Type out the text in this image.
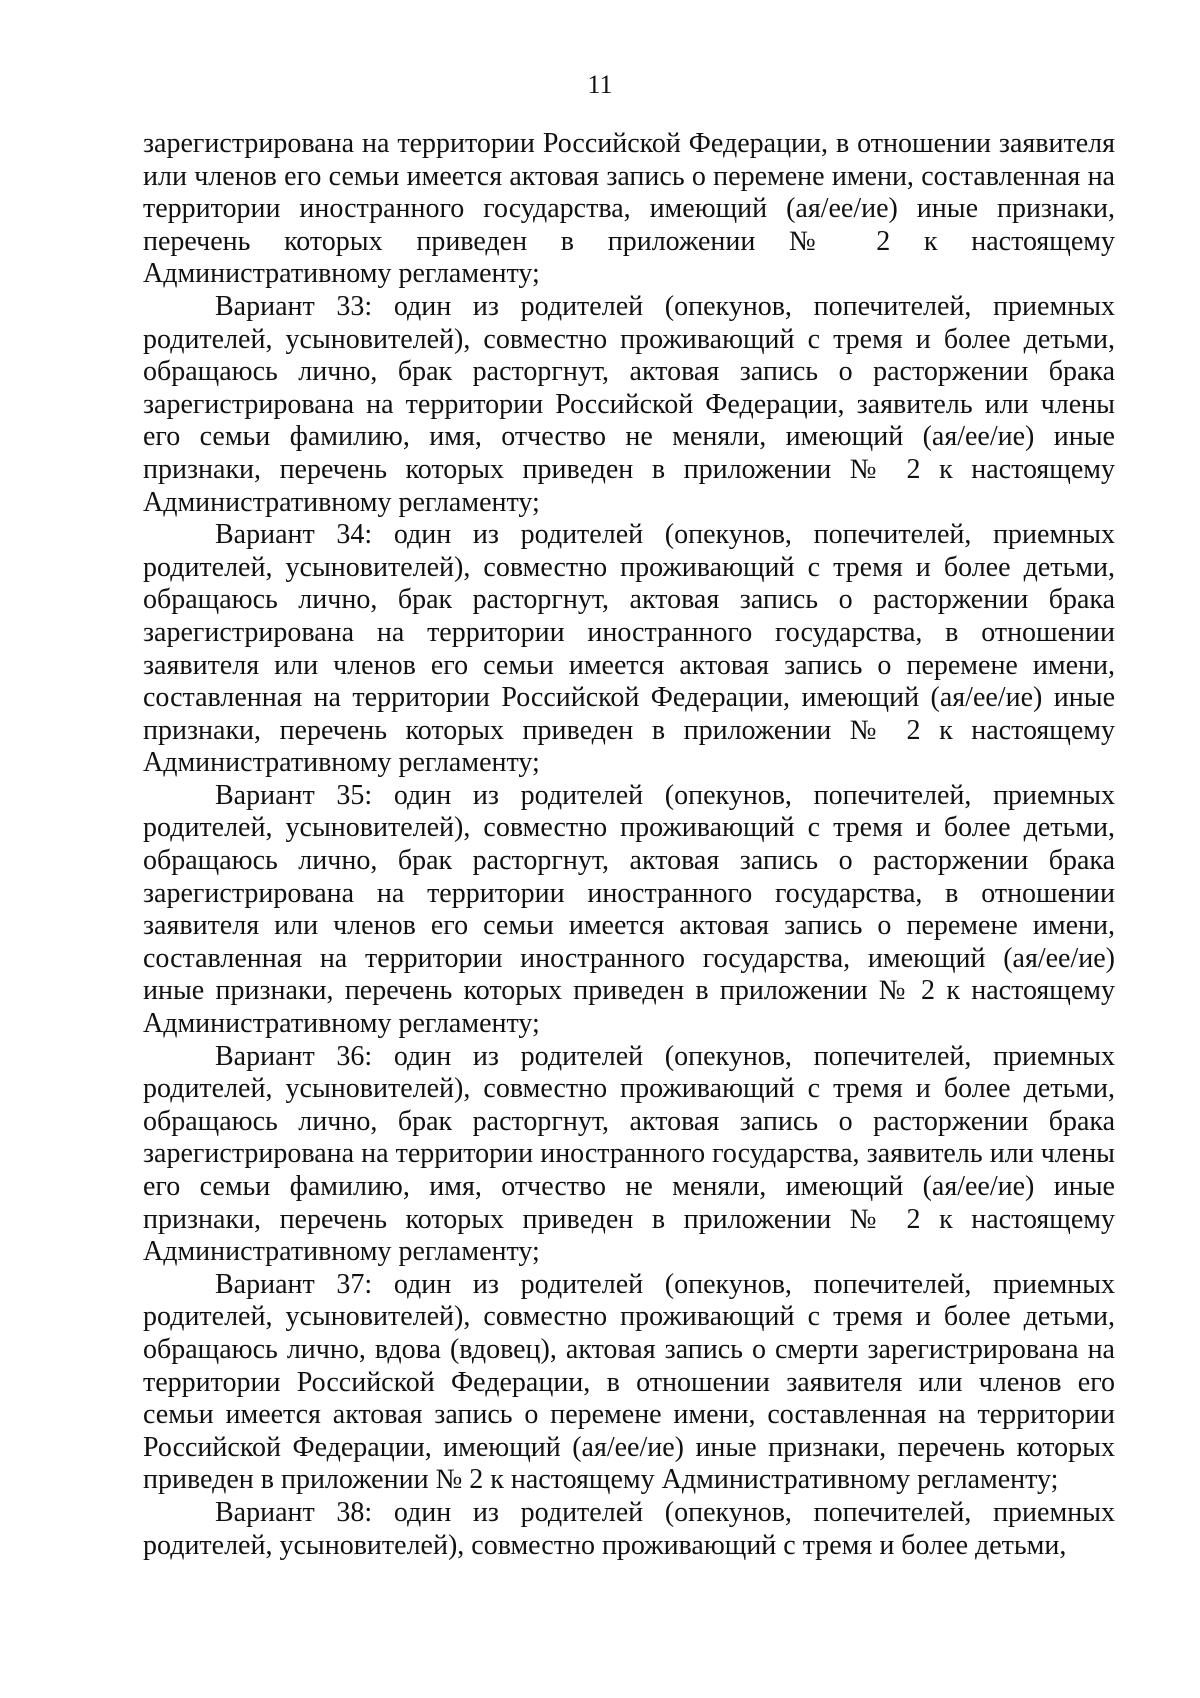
11

зарегистрирована на территории Российской Федерации, в отношении заявителя или членов его семьи имеется актовая запись о перемене имени, составленная на территории иностранного государства, имеющий (ая/ее/ие) иные признаки, перечень которых приведен в приложении № 2 к настоящему Административному регламенту;

Вариант 33: один из родителей (опекунов, попечителей, приемных родителей, усыновителей), совместно проживающий с тремя и более детьми, обращаюсь лично, брак расторгнут, актовая запись о расторжении брака зарегистрирована на территории Российской Федерации, заявитель или члены его семьи фамилию, имя, отчество не меняли, имеющий (ая/ее/ие) иные признаки, перечень которых приведен в приложении № 2 к настоящему Административному регламенту;

Вариант 34: один из родителей (опекунов, попечителей, приемных родителей, усыновителей), совместно проживающий с тремя и более детьми, обращаюсь лично, брак расторгнут, актовая запись о расторжении брака зарегистрирована на территории иностранного государства, в отношении заявителя или членов его семьи имеется актовая запись о перемене имени, составленная на территории Российской Федерации, имеющий (ая/ее/ие) иные признаки, перечень которых приведен в приложении № 2 к настоящему Административному регламенту;

Вариант 35: один из родителей (опекунов, попечителей, приемных родителей, усыновителей), совместно проживающий с тремя и более детьми, обращаюсь лично, брак расторгнут, актовая запись о расторжении брака зарегистрирована на территории иностранного государства, в отношении заявителя или членов его семьи имеется актовая запись о перемене имени, составленная на территории иностранного государства, имеющий (ая/ее/ие) иные признаки, перечень которых приведен в приложении № 2 к настоящему Административному регламенту;

Вариант 36: один из родителей (опекунов, попечителей, приемных родителей, усыновителей), совместно проживающий с тремя и более детьми, обращаюсь лично, брак расторгнут, актовая запись о расторжении брака зарегистрирована на территории иностранного государства, заявитель или члены его семьи фамилию, имя, отчество не меняли, имеющий (ая/ее/ие) иные признаки, перечень которых приведен в приложении № 2 к настоящему Административному регламенту;

Вариант 37: один из родителей (опекунов, попечителей, приемных родителей, усыновителей), совместно проживающий с тремя и более детьми, обращаюсь лично, вдова (вдовец), актовая запись о смерти зарегистрирована на территории Российской Федерации, в отношении заявителя или членов его семьи имеется актовая запись о перемене имени, составленная на территории Российской Федерации, имеющий (ая/ее/ие) иные признаки, перечень которых приведен в приложении № 2 к настоящему Административному регламенту;

Вариант 38: один из родителей (опекунов, попечителей, приемных родителей, усыновителей), совместно проживающий с тремя и более детьми,
